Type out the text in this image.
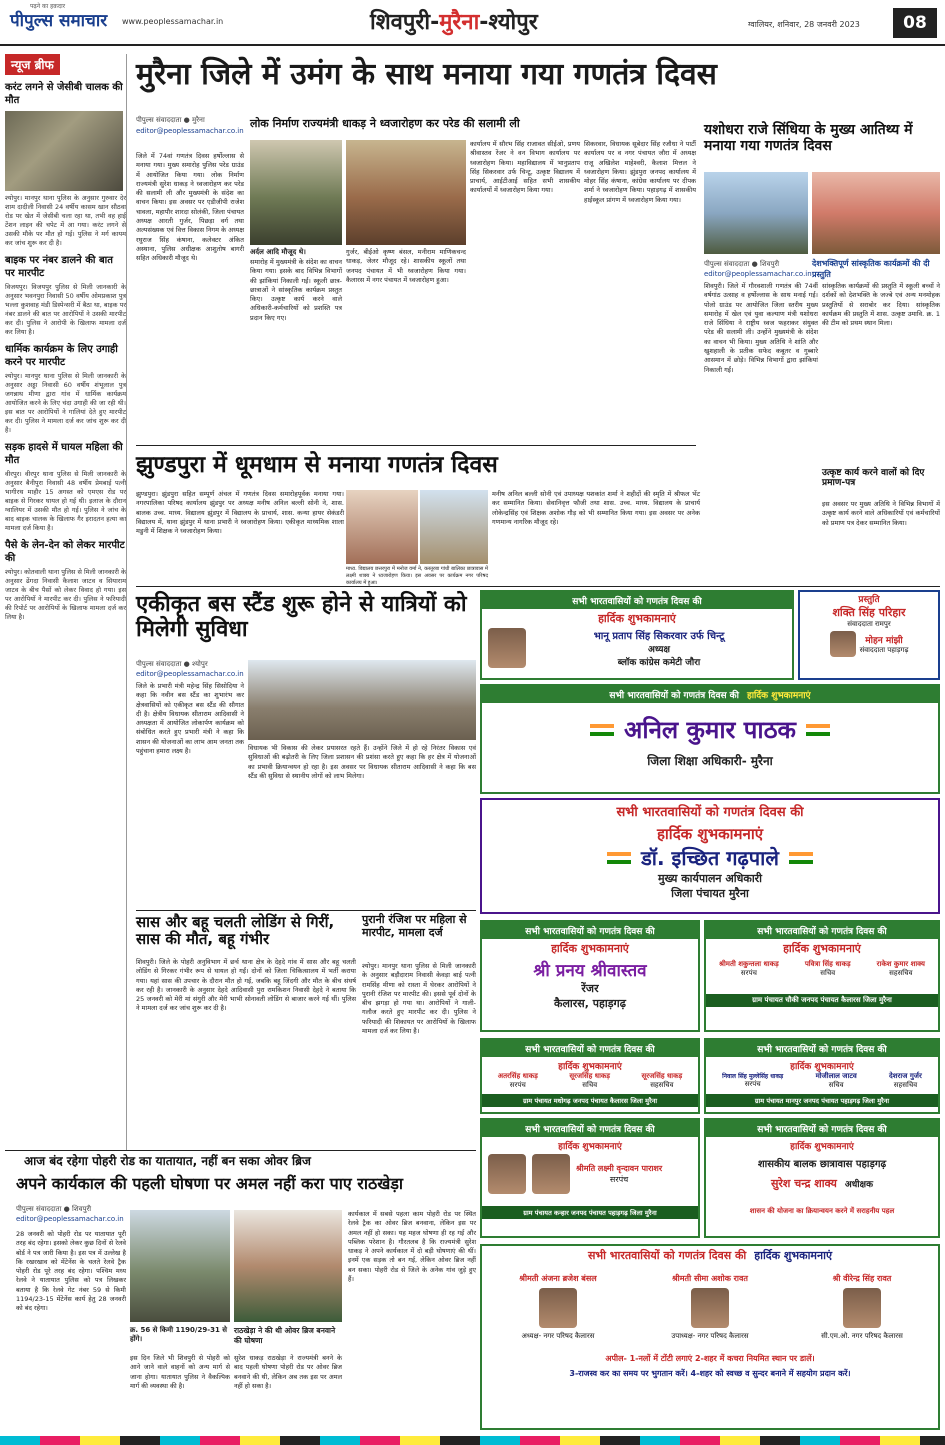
पढ़ने का हक़दार
पीपुल्स समाचार www.peoplessamachar.in	शिवपुरी-मुरैना-श्योपुर	ग्वालियर, शनिवार, 28 जनवरी 2023	08
न्यूज ब्रीफ
करंट लगने से जेसीबी चालक की मौत
श्योपुर। मानपुर थाना पुलिस के अनुसार गुरुवार देर शाम दादीली निवासी 24 वर्षीय कासम खान सौठवा रोड पर खेत में जेसीबी चला रहा था, तभी वह हाई टेंशन लाइन की चपेट में आ गया। करंट लगने से उसकी मौके पर मौत हो गई। पुलिस ने मर्ग कायम कर जांच शुरू कर दी है।
बाइक पर नंबर डालने की बात पर मारपीट
विजयपुर। विजयपुर पुलिस से मिली जानकारी के अनुसार भवनपुरा निवासी 50 वर्षीय ओमप्रकाश पुत्र भल्ला कुशवाह मंडी डिस्पेन्सरी में बैठा था, बाइक पर नंबर डालने की बात पर आरोपियों ने उसकी मारपीट कर दी। पुलिस ने आरोपी के खिलाफ मामला दर्ज कर लिया है।
धार्मिक कार्यक्रम के लिए उगाही करने पर मारपीट
श्योपुर। मानपुर थाना पुलिस से मिली जानकारी के अनुसार अड्डा निवासी 60 वर्षीय शंभूलाल पुत्र जगन्नाथ मीणा द्वारा गांव में धार्मिक कार्यक्रम आयोजित करने के लिए चंदा उगाही की जा रही थी। इस बात पर आरोपियों ने गालियां देते हुए मारपीट कर दी। पुलिस ने मामला दर्ज कर जांच शुरू कर दी है।
सड़क हादसे में घायल महिला की मौत
वीरपुर। वीरपुर थाना पुलिस से मिली जानकारी के अनुसार बैनीपुरा निवासी 48 वर्षीय प्रेमबाई पत्नी भागीरथ माहौर 15 अगस्त को एमएस रोड पर बाइक से गिरकर घायल हो गई थी। इलाज के दौरान ग्वालियर में उसकी मौत हो गई। पुलिस ने जांच के बाद बाइक चालक के खिलाफ गैर इरादतन हत्या का मामला दर्ज किया है।
पैसे के लेन-देन को लेकर मारपीट की
श्योपुर। कोतवाली थाना पुलिस से मिली जानकारी के अनुसार ढेंगदा निवासी कैलाश जाटव व सियाराम जाटव के बीच पैसों को लेकर विवाद हो गया। इस पर आरोपियों ने मारपीट कर दी। पुलिस ने फरियादी की रिपोर्ट पर आरोपियों के खिलाफ मामला दर्ज कर लिया है।
मुरैना जिले में उमंग के साथ मनाया गया गणतंत्र दिवस
पीपुल्स संवाददाता ● मुरैना
editor@peoplessamachar.co.in
लोक निर्माण राज्यमंत्री धाकड़ ने ध्वजारोहण कर परेड की सलामी ली
जिले में 74वां गणतंत्र दिवस हर्षोल्लास से मनाया गया। मुख्य समारोह पुलिस परेड ग्राउंड में आयोजित किया गया। लोक निर्माण राज्यमंत्री सुरेश धाकड़ ने ध्वजारोहण कर परेड की सलामी ली और मुख्यमंत्री के संदेश का वाचन किया। इस अवसर पर एडीजीपी राजेश चावला, महापौर शारदा सोलंकी, जिला पंचायत अध्यक्ष आरती गुर्जर, पिछड़ा वर्ग तथा अल्पसंख्यक एवं वित्त विकास निगम के अध्यक्ष रघुराज सिंह कंषाना, कलेक्टर अंकित अस्थाना, पुलिस अधीक्षक आशुतोष बागरी सहित अधिकारी मौजूद थे।
अर्दल आदि मौजूद थे।
समारोह में मुख्यमंत्री के संदेश का वाचन किया गया। इसके बाद विभिन्न विभागों की झांकियां निकाली गईं। स्कूली छात्र-छात्राओं ने सांस्कृतिक कार्यक्रम प्रस्तुत किए। उत्कृष्ट कार्य करने वाले अधिकारी-कर्मचारियों को प्रशस्ति पत्र प्रदान किए गए।
गुर्जर, बीईओ कृष्ण बंसल, मनीराम माणिकचन्द धाकड़, जेलर मौजूद रहे। शासकीय स्कूलों तथा जनपद पंचायत में भी ध्वजारोहण किया गया। कैलारस में नगर पंचायत में ध्वजारोहण हुआ।
कार्यालय में सौरभ सिंह राजावत सीईओ, प्रणय श्रीवास्तव रेंजर ने वन विभाग कार्यालय पर ध्वजारोहण किया। महाविद्यालय में भानुप्रताप सिंह सिकरवार उर्फ चिन्टू, उत्कृष्ट विद्यालय में प्राचार्य, आईटीआई सहित सभी शासकीय कार्यालयों में ध्वजारोहण किया गया।
सिकरवार, विधायक सूबेदार सिंह रजौधा ने पार्टी कार्यालय पर व नगर पंचायत जौरा में अध्यक्ष राजू अखिलेश माहेश्वरी, कैलाश मित्तल ने ध्वजारोहण किया। झुंडपुरा जनपद कार्यालय में मोहर सिंह कंषाना, कांग्रेस कार्यालय पर दीपक शर्मा ने ध्वजारोहण किया। पहाड़गढ़ में शासकीय हाईस्कूल प्रांगण में ध्वजारोहण किया गया।
यशोधरा राजे सिंधिया के मुख्य आतिथ्य में मनाया गया गणतंत्र दिवस
देशभक्तिपूर्ण सांस्कृतिक कार्यक्रमों की दी प्रस्तुति
पीपुल्स संवाददाता ● शिवपुरी
editor@peoplessamachar.co.in
शिवपुरी। जिले में गौरवशाली गणतंत्र की 74वीं वर्षगांठ उत्साह व हर्षोल्लास के साथ मनाई गई। पोलो ग्राउंड पर आयोजित जिला स्तरीय मुख्य समारोह में खेल एवं युवा कल्याण मंत्री यशोधरा राजे सिंधिया ने राष्ट्रीय ध्वज फहराकर संयुक्त परेड की सलामी ली। उन्होंने मुख्यमंत्री के संदेश का वाचन भी किया। मुख्य अतिथि ने शांति और खुशहाली के प्रतीक सफेद कबूतर व गुब्बारे आसमान में छोड़े। विभिन्न विभागों द्वारा झांकियां निकाली गईं।
सांस्कृतिक कार्यक्रमों की प्रस्तुति में स्कूली बच्चों ने दर्शकों को देशभक्ति के जज्बे एवं अन्य मनमोहक प्रस्तुतियों से सराबोर कर दिया। सांस्कृतिक कार्यक्रम की प्रस्तुति में शास. उत्कृष्ट उमावि. क्र. 1 की टीम को प्रथम स्थान मिला।
उत्कृष्ट कार्य करने वालों को दिए प्रमाण-पत्र
इस अवसर पर मुख्य अतिथि ने विभिन्न विभागों में उत्कृष्ट कार्य करने वाले अधिकारियों एवं कर्मचारियों को प्रमाण पत्र देकर सम्मानित किया।
झुण्डपुरा में धूमधाम से मनाया गणतंत्र दिवस
झुण्डपुरा। झुंडपुरा सहित सम्पूर्ण अंचल में गणतंत्र दिवस समारोहपूर्वक मनाया गया। नगरपालिका परिषद कार्यालय झुंडपुर पर अध्यक्ष मनीष अनिल बल्ली सोनी ने, शास. बालक उच्च. माध्य. विद्यालय झुंडपुर में विद्यालय के प्राचार्य, शास. कन्या हायर सेकंडरी विद्यालय में, थाना झुंडपुर में थाना प्रभारी ने ध्वजारोहण किया। एकीकृत माध्यमिक शाला मडुनी में शिक्षक ने ध्वजारोहण किया।
माध्य. विद्यालय छत्तरपुरा में मनोज वर्मा ने, कस्तूरबा गांधी बालिका छात्रावास में लक्ष्मी शाक्य ने ध्वजारोहण किया। इस अवसर पर कार्यक्रम नगर परिषद कार्यालय में हुआ।
मनीष अनिल बल्ली सोनी एवं उपाध्यक्ष यशकांत शर्मा ने शहीदों की स्मृति में श्रीफल भेंट कर सम्मानित किया। सेवानिवृत्त फौजी तथा शास. उच्च. माध्य. विद्यालय के प्राचार्य लोकेन्द्रसिंह एवं शिक्षक अशोक गौड़ को भी सम्मानित किया गया। इस अवसर पर अनेक गणमान्य नागरिक मौजूद रहे।
एकीकृत बस स्टैंड शुरू होने से यात्रियों को मिलेगी सुविधा
पीपुल्स संवाददाता ● श्योपुर
editor@peoplessamachar.co.in
जिले के प्रभारी मंत्री महेन्द्र सिंह सिसोदिया ने कहा कि नवीन बस स्टैंड का शुभारंभ कर क्षेत्रवासियों को एकीकृत बस स्टैंड की सौगात दी है। क्षेत्रीय विधायक सीताराम आदिवासी ने अध्यक्षता में आयोजित लोकार्पण कार्यक्रम को संबोधित करते हुए प्रभारी मंत्री ने कहा कि शासन की योजनाओं का लाभ आम जनता तक पहुंचाना हमारा लक्ष्य है।	विधायक भी विकास की लेकर प्रयासरत रहते हैं। उन्होंने जिले में हो रहे निरंतर विकास एवं सुविधाओं की बढ़ोतरी के लिए जिला प्रशासन की प्रशंसा करते हुए कहा कि हर क्षेत्र में योजनाओं का प्रभावी क्रियान्वयन हो रहा है। इस अवसर पर विधायक सीताराम आदिवासी ने कहा कि बस स्टैंड की सुविधा से स्थानीय लोगों को लाभ मिलेगा।
सास और बहू चलती लोडिंग से गिरीं, सास की मौत, बहू गंभीर
शिवपुरी। जिले के पोहरी अनुविभाग में छर्च थाना क्षेत्र के देहदे गांव में सास और बहू चलती लोडिंग से गिरकर गंभीर रूप से घायल हो गईं। दोनों को जिला चिकित्सालय में भर्ती कराया गया। यहां सास की उपचार के दौरान मौत हो गई, जबकि बहू जिंदगी और मौत के बीच संघर्ष कर रही है। जानकारी के अनुसार देहदे आदिवासी पुरा रामकिशन निवासी देहदे ने बताया कि 25 जनवरी को मेरी मां संगुरी और मेरी भाभी सोनावती लोडिंग से बाजार करने गई थीं। पुलिस ने मामला दर्ज कर जांच शुरू कर दी है।
पुरानी रंजिश पर महिला से मारपीट, मामला दर्ज
श्योपुर। मानपुर थाना पुलिस से मिली जानकारी के अनुसार बड़ौदाराम निवासी केवड़ा बाई पत्नी रामसिंह मीणा को रास्ता में घेरकर आरोपियों ने पुरानी रंजिश पर मारपीट की। इससे पूर्व दोनों के बीच झगड़ा हो गया था। आरोपियों ने गाली-गलौज करते हुए मारपीट कर दी। पुलिस ने फरियादी की शिकायत पर आरोपियों के खिलाफ मामला दर्ज कर लिया है।
आज बंद रहेगा पोहरी रोड का यातायात, नहीं बन सका ओवर ब्रिज
अपने कार्यकाल की पहली घोषणा पर अमल नहीं करा पाए राठखेड़ा
पीपुल्स संवाददाता ● शिवपुरी
editor@peoplessamachar.co.in
28 जनवरी को पोहरी रोड पर यातायात पूरी तरह बंद रहेगा। इसको लेकर कुछ दिनों से रेलवे बोर्ड ने पत्र जारी किया है। इस पत्र में उल्लेख है कि रखरखाव को मेंटेनेंस के चलते रेलवे ट्रैक पोहरी रोड पूरे तरह बंद रहेगा। पश्चिम मध्य रेलवे ने यातायात पुलिस को पत्र लिखकर बताया है कि रेलवे गेट नंबर 59 से किमी 1194/23-15 मेंटेनेंस कार्य हेतु 28 जनवरी को बंद रहेगा।
क्र. 56 से किमी 1190/29-31 से होंगे।
राठखेड़ा ने की थी ओवर ब्रिज बनवाने की घोषणा
इस दिन जिले भी शिवपुरी से पोहरी को आने जाने वाले वाहनों को अन्य मार्ग से जाना होगा। यातायात पुलिस ने वैकल्पिक मार्ग की व्यवस्था की है।
सुरेश धाकड़ राठखेड़ा ने राज्यमंत्री बनने के बाद पहली घोषणा पोहरी रोड पर ओवर ब्रिज बनवाने की थी, लेकिन अब तक इस पर अमल नहीं हो सका है।
कार्यकाल में सबसे पहला काम पोहरी रोड पर स्थित रेलवे ट्रैक का ओवर ब्रिज बनवाना, लेकिन इस पर अमल नहीं हो सका। यह महज घोषणा ही रह गई और पब्लिक परेशान है। गौरतलब है कि राज्यमंत्री सुरेश धाकड़ ने अपने कार्यकाल में दो बड़ी घोषणाएं की थीं। इनमें एक सड़क तो बन गई, लेकिन ओवर ब्रिज नहीं बन सका। पोहरी रोड से जिले के अनेक गांव जुड़े हुए हैं।
सभी भारतवासियों को गणतंत्र दिवस की
हार्दिक शुभकामनाएं
भानू प्रताप सिंह सिकरवार उर्फ चिन्टू
अध्यक्ष
ब्लॉक कांग्रेस कमेटी जौरा
प्रस्तुति
शक्ति सिंह परिहार
संवाददाता रामपुर
मोहन मांझी
संवाददाता पहाड़गढ़
सभी भारतवासियों को गणतंत्र दिवस की हार्दिक शुभकामनाएं
अनिल कुमार पाठक
जिला शिक्षा अधिकारी- मुरैना
सभी भारतवासियों को गणतंत्र दिवस की
हार्दिक शुभकामनाएं
डॉ. इच्छित गढ़पाले
मुख्य कार्यपालन अधिकारी
जिला पंचायत मुरैना
सभी भारतवासियों को गणतंत्र दिवस की
हार्दिक शुभकामनाएं
श्री प्रनय श्रीवास्तव
रेंजर
कैलारस, पहाड़गढ़
सभी भारतवासियों को गणतंत्र दिवस की
हार्दिक शुभकामनाएं
श्रीमती शकुन्तला धाकड़
सरपंच
पवित्रा सिंह धाकड़
सचिव
राकेश कुमार शाक्य
सहसचिव
ग्राम पंचायत चौकी जनपद पंचायत कैलारस जिला मुरैना
सभी भारतवासियों को गणतंत्र दिवस की
हार्दिक शुभकामनाएं
अतरसिंह धाकड़
सरपंच
सूरजसिंह धाकड़
सचिव
सूरजसिंह धाकड़
सहसचिव
ग्राम पंचायत मधोगढ़ जनपद पंचायत कैलारस जिला मुरैना
सभी भारतवासियों को गणतंत्र दिवस की
हार्दिक शुभकामनाएं
निवाल सिंह मुल्लेसिंह धाकड़
सरपंच
मोजीलाल जाटव
सचिव
देशराज गुर्जर
सहसचिव
ग्राम पंचायत मानपुर जनपद पंचायत पहाड़गढ़ जिला मुरैना
सभी भारतवासियों को गणतंत्र दिवस की
हार्दिक शुभकामनाएं
श्रीमति लक्ष्मी वृन्दावन पाराशर
सरपंच
ग्राम पंचायत कन्हार जनपद पंचायत पहाड़गढ़ जिला मुरैना
सभी भारतवासियों को गणतंत्र दिवस की
हार्दिक शुभकामनाएं
शासकीय बालक छात्रावास पहाड़गढ़
सुरेश चन्द्र शाक्य अधीक्षक
शासन की योजना का क्रियान्वयन करने में सराहनीय पहल
सभी भारतवासियों को गणतंत्र दिवस की हार्दिक शुभकामनाएं
श्रीमती अंजना ब्रजेश बंसल
अध्यक्ष- नगर परिषद कैलारस
श्रीमती सीमा अशोक रावत
उपाध्यक्ष- नगर परिषद कैलारस
श्री वीरेन्द्र सिंह रावत
सी.एम.ओ. नगर परिषद कैलारस
अपील- 1-नलों में टोंटी लगाएं 2-शहर में कचरा नियमित स्थान पर डालें।
3-राजस्व कर का समय पर भुगतान करें। 4-शहर को स्वच्छ व सुन्दर बनाने में सहयोग प्रदान करें।
